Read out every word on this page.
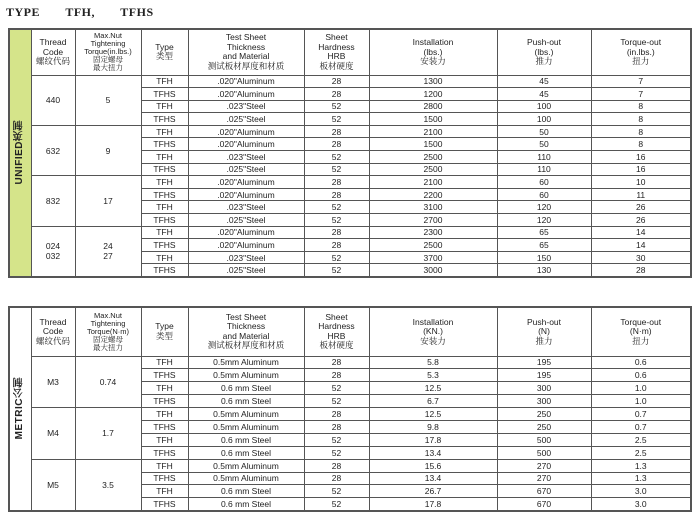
TYPE TFH, TFHS
UNIFIED英制	Thread
Code
螺纹代码	Max.Nut
Tightening
Torque(in.lbs.)
固定螺母
最大扭力	Type
类型	Test Sheet
Thickness
and Material
测试板材厚度和材质	Sheet
Hardness
HRB
板材硬度	Installation
(lbs.)
安装力	Push-out
(lbs.)
推力	Torque-out
(in.lbs.)
扭力
	440	5	TFH	.020"Aluminum	28	1300	45	7
			TFHS	.020"Aluminum	28	1200	45	7
			TFH	.023"Steel	52	2800	100	8
			TFHS	.025"Steel	52	1500	100	8
	632	9	TFH	.020"Aluminum	28	2100	50	8
			TFHS	.020"Aluminum	28	1500	50	8
			TFH	.023"Steel	52	2500	110	16
			TFHS	.025"Steel	52	2500	110	16
	832	17	TFH	.020"Aluminum	28	2100	60	10
			TFHS	.020"Aluminum	28	2200	60	11
			TFH	.023"Steel	52	3100	120	26
			TFHS	.025"Steel	52	2700	120	26
	024
032	24
27	TFH	.020"Aluminum	28	2300	65	14
			TFHS	.020"Aluminum	28	2500	65	14
			TFH	.023"Steel	52	3700	150	30
			TFHS	.025"Steel	52	3000	130	28
METRIC公制	Thread
Code
螺纹代码	Max.Nut
Tightening
Torque(N·m)
固定螺母
最大扭力	Type
类型	Test Sheet
Thickness
and Material
测试板材厚度和材质	Sheet
Hardness
HRB
板材硬度	Installation
(KN.)
安装力	Push-out
(N)
推力	Torque-out
(N·m)
扭力
	M3	0.74	TFH	0.5mm Aluminum	28	5.8	195	0.6
			TFHS	0.5mm Aluminum	28	5.3	195	0.6
			TFH	0.6 mm Steel	52	12.5	300	1.0
			TFHS	0.6 mm Steel	52	6.7	300	1.0
	M4	1.7	TFH	0.5mm Aluminum	28	12.5	250	0.7
			TFHS	0.5mm Aluminum	28	9.8	250	0.7
			TFH	0.6 mm Steel	52	17.8	500	2.5
			TFHS	0.6 mm Steel	52	13.4	500	2.5
	M5	3.5	TFH	0.5mm Aluminum	28	15.6	270	1.3
			TFHS	0.5mm Aluminum	28	13.4	270	1.3
			TFH	0.6 mm Steel	52	26.7	670	3.0
			TFHS	0.6 mm Steel	52	17.8	670	3.0
